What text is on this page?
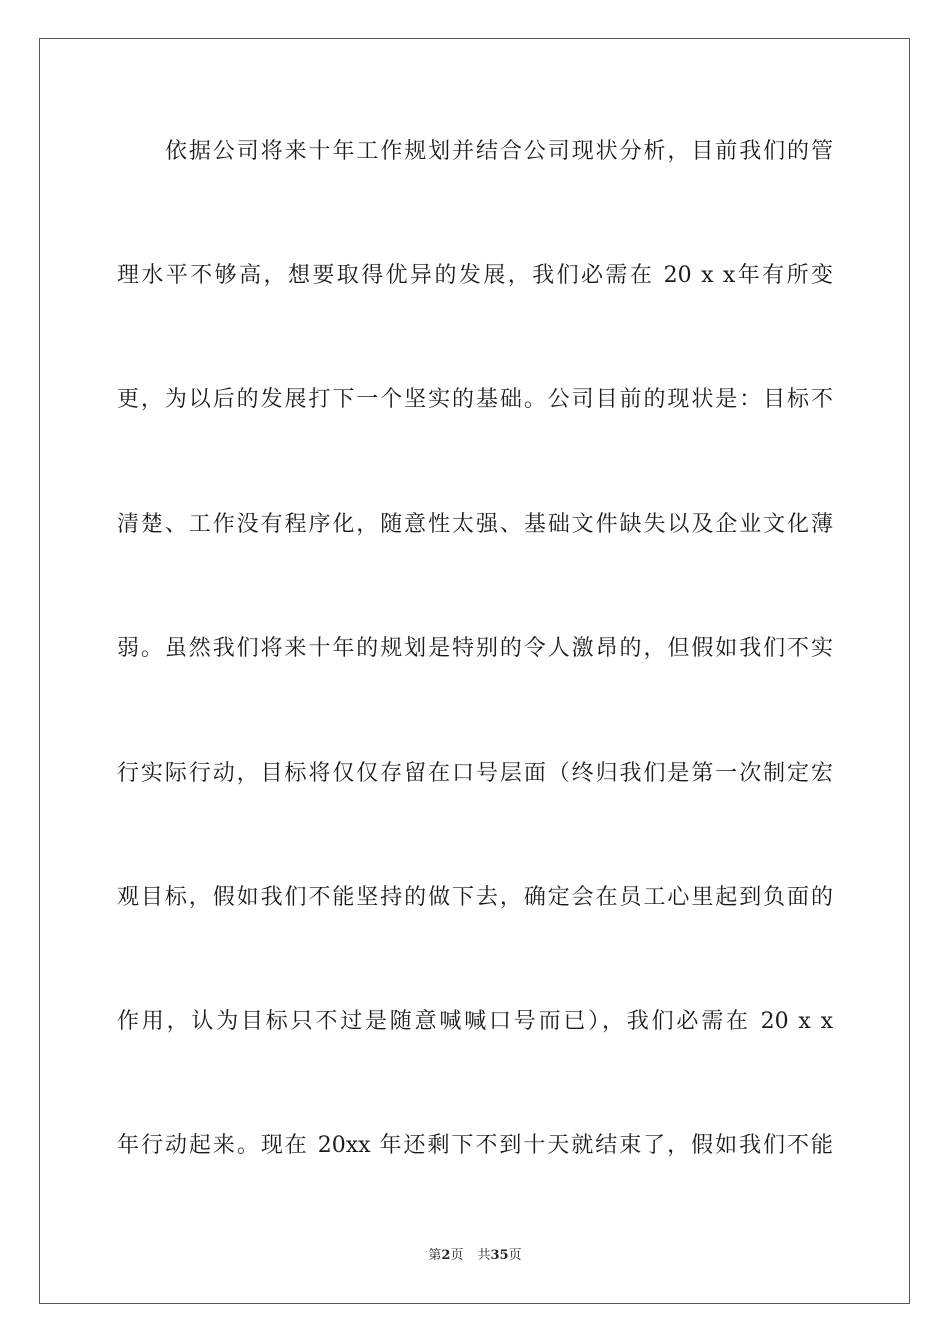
依据公司将来十年工作规划并结合公司现状分析，目前我们的管
理水平不够高，想要取得优异的发展，我们必需在 20 x x年有所变
更，为以后的发展打下一个坚实的基础。公司目前的现状是：目标不
清楚、工作没有程序化，随意性太强、基础文件缺失以及企业文化薄
弱。虽然我们将来十年的规划是特别的令人激昂的，但假如我们不实
行实际行动，目标将仅仅存留在口号层面（终归我们是第一次制定宏
观目标，假如我们不能坚持的做下去，确定会在员工心里起到负面的
作用，认为目标只不过是随意喊喊口号而已），我们必需在 20 x x
年行动起来。现在 20xx 年还剩下不到十天就结束了，假如我们不能
第2页 共35页
